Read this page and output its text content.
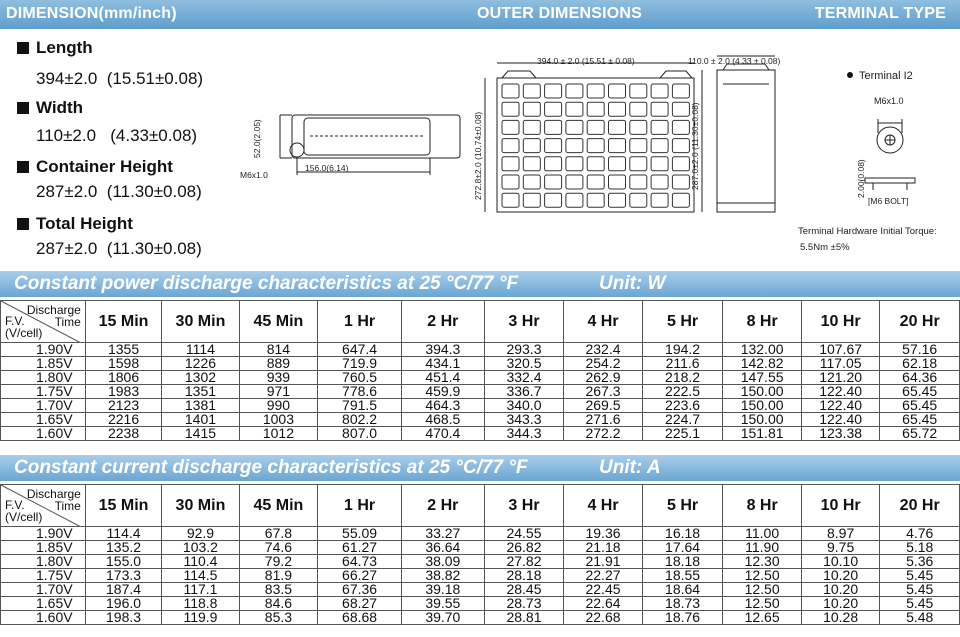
DIMENSION(mm/inch)	OUTER DIMENSIONS	TERMINAL TYPE
Length
394±2.0  (15.51±0.08)
Width
110±2.0   (4.33±0.08)
Container Height
287±2.0  (11.30±0.08)
Total Height
287±2.0  (11.30±0.08)
52.0(2.05)
M6x1.0
156.0(6.14)
394.0 ± 2.0 (15.51 ± 0.08)
272.8±2.0 (10.74±0.08)	287.0±2.0 (11.30±0.08)
110.0 ± 2.0 (4.33 ± 0.08)
Terminal I2
M6x1.0
2.00(0.08)
[M6 BOLT]
Terminal Hardware Initial Torque:
5.5Nm ±5%
Constant power discharge characteristics at 25 °C/77 °F	Unit: W
Discharge
Time
F.V.
(V/cell)	15 Min	30 Min	45 Min	1 Hr	2 Hr	3 Hr	4 Hr	5 Hr	8 Hr	10 Hr	20 Hr
1.90V	1355	1114	814	647.4	394.3	293.3	232.4	194.2	132.00	107.67	57.16
1.85V	1598	1226	889	719.9	434.1	320.5	254.2	211.6	142.82	117.05	62.18
1.80V	1806	1302	939	760.5	451.4	332.4	262.9	218.2	147.55	121.20	64.36
1.75V	1983	1351	971	778.6	459.9	336.7	267.3	222.5	150.00	122.40	65.45
1.70V	2123	1381	990	791.5	464.3	340.0	269.5	223.6	150.00	122.40	65.45
1.65V	2216	1401	1003	802.2	468.5	343.3	271.6	224.7	150.00	122.40	65.45
1.60V	2238	1415	1012	807.0	470.4	344.3	272.2	225.1	151.81	123.38	65.72
Constant current discharge characteristics at 25 °C/77 °F	Unit: A
Discharge
Time
F.V.
(V/cell)	15 Min	30 Min	45 Min	1 Hr	2 Hr	3 Hr	4 Hr	5 Hr	8 Hr	10 Hr	20 Hr
1.90V	114.4	92.9	67.8	55.09	33.27	24.55	19.36	16.18	11.00	8.97	4.76
1.85V	135.2	103.2	74.6	61.27	36.64	26.82	21.18	17.64	11.90	9.75	5.18
1.80V	155.0	110.4	79.2	64.73	38.09	27.82	21.91	18.18	12.30	10.10	5.36
1.75V	173.3	114.5	81.9	66.27	38.82	28.18	22.27	18.55	12.50	10.20	5.45
1.70V	187.4	117.1	83.5	67.36	39.18	28.45	22.45	18.64	12.50	10.20	5.45
1.65V	196.0	118.8	84.6	68.27	39.55	28.73	22.64	18.73	12.50	10.20	5.45
1.60V	198.3	119.9	85.3	68.68	39.70	28.81	22.68	18.76	12.65	10.28	5.48
